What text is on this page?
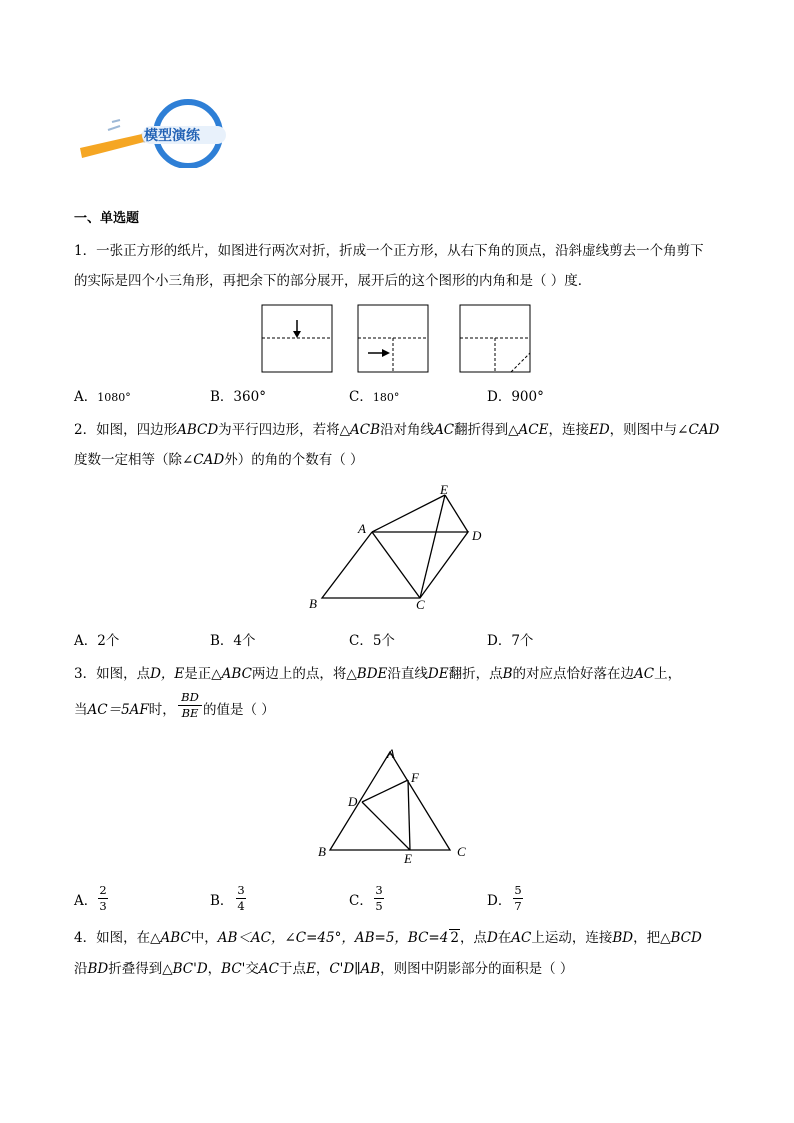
模型演练
一、单选题
1．一张正方形的纸片，如图进行两次对折，折成一个正方形，从右下角的顶点，沿斜虚线剪去一个角剪下
的实际是四个小三角形，再把余下的部分展开，展开后的这个图形的内角和是（ ）度．
A．1080°	B．360°	C．180°	D．900°
2．如图，四边形ABCD为平行四边形，若将△ACB沿对角线AC翻折得到△ACE，连接ED，则图中与∠CAD
度数一定相等（除∠CAD外）的角的个数有（ ）
A
B	C
D
E
A．2个	B．4个	C．5个	D．7个
3．如图，点D，E是正△ABC两边上的点，将△BDE沿直线DE翻折，点B的对应点恰好落在边AC上，
当AC＝5AF时，
BD
BE 的值是（ ）
A
B	C
D
E
F
A．
2
3	B．
3
4	C．
3
5	D．
5
7
4．如图，在△ABC中，AB＜AC，∠C=45°，AB=5，BC=4 2，点D在AC上运动，连接BD，把△BCD
沿BD折叠得到△BC'D，BC'交AC于点E，C'D∥AB，则图中阴影部分的面积是（ ）
